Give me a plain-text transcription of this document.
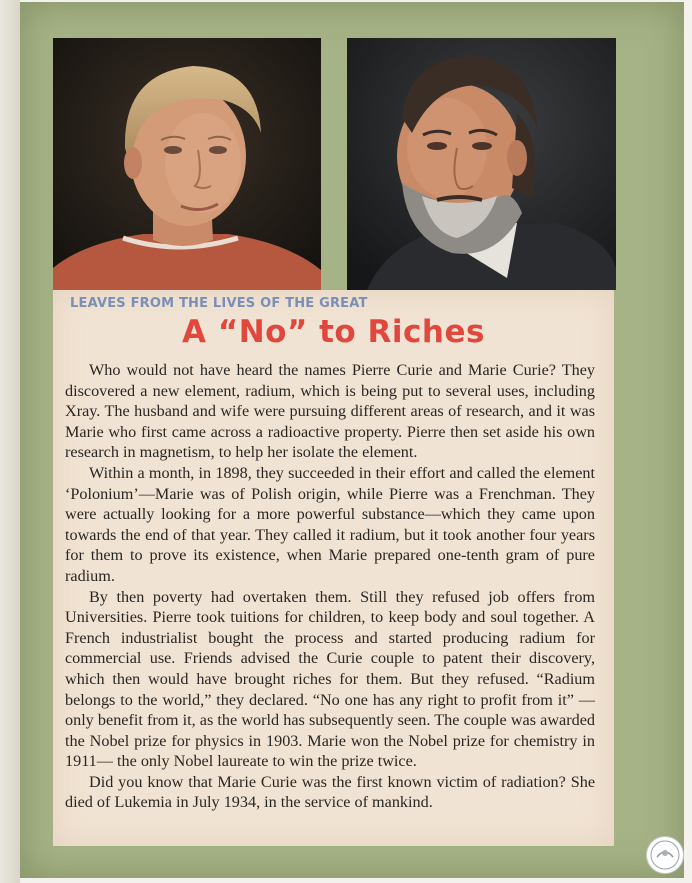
LEAVES FROM THE LIVES OF THE GREAT

A “No” to Riches

Who would not have heard the names Pierre Curie and Marie Curie? They discovered a new element, radium, which is being put to several uses, including Xray. The husband and wife were pursuing different areas of research, and it was Marie who first came across a radioactive property. Pierre then set aside his own research in magnetism, to help her isolate the element.

Within a month, in 1898, they succeeded in their effort and called the element ‘Polonium’—Marie was of Polish origin, while Pierre was a Frenchman. They were actually looking for a more powerful substance—which they came upon towards the end of that year. They called it radium, but it took another four years for them to prove its existence, when Marie prepared one-tenth gram of pure radium.

By then poverty had overtaken them. Still they refused job offers from Universities. Pierre took tuitions for children, to keep body and soul together. A French industrialist bought the process and started producing radium for commercial use. Friends advised the Curie couple to patent their discovery, which then would have brought riches for them. But they refused. “Radium belongs to the world,” they declared. “No one has any right to profit from it” —only benefit from it, as the world has subsequently seen. The couple was awarded the Nobel prize for physics in 1903. Marie won the Nobel prize for chemistry in 1911— the only Nobel laureate to win the prize twice.

Did you know that Marie Curie was the first known victim of radiation? She died of Lukemia in July 1934, in the service of mankind.
